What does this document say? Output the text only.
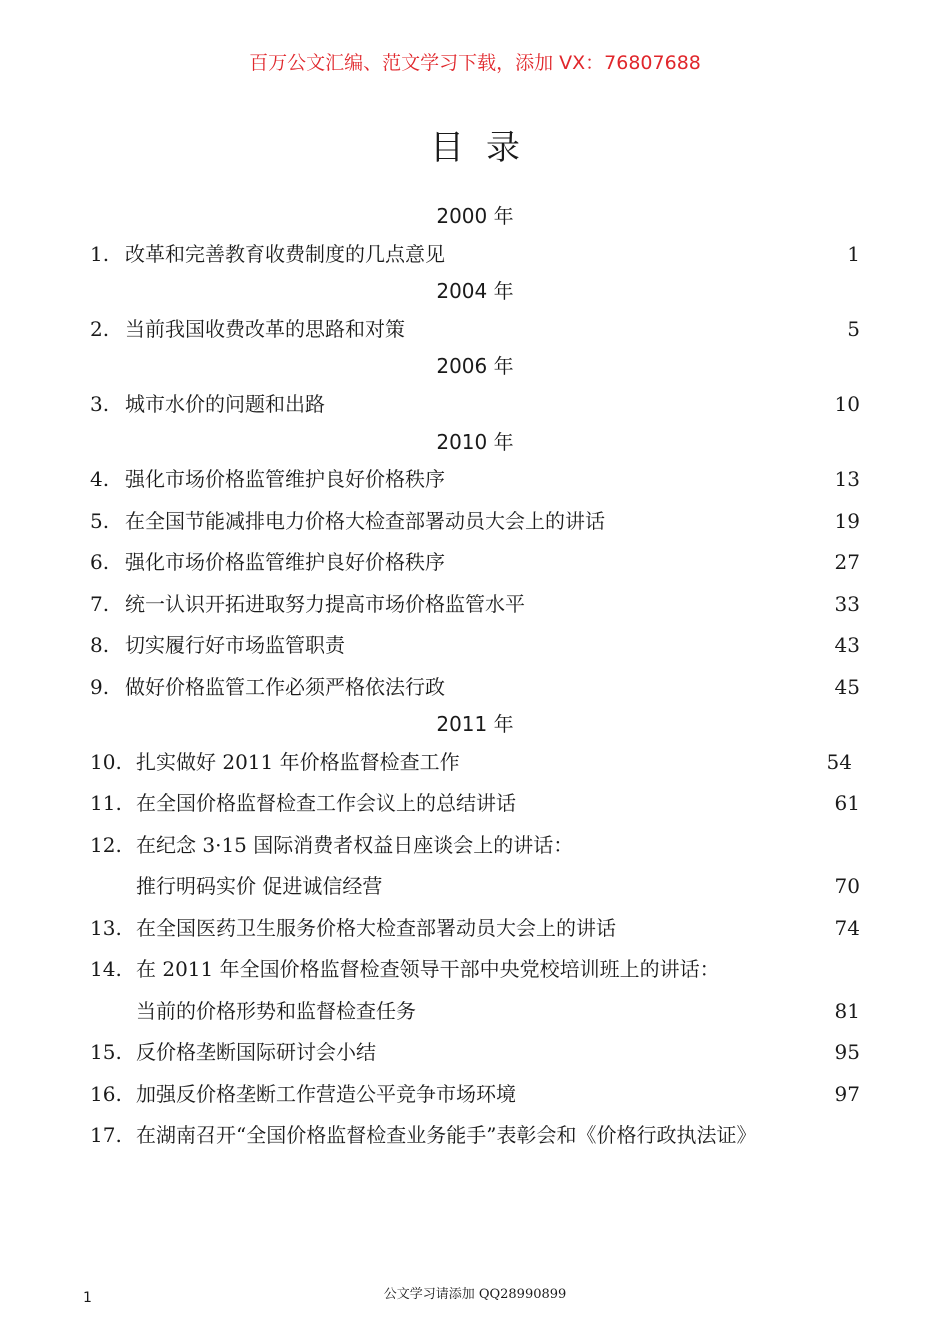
百万公文汇编、范文学习下载，添加 VX：76807688
目录
2000 年
1. 改革和完善教育收费制度的几点意见	1
2004 年
2. 当前我国收费改革的思路和对策	5
2006 年
3. 城市水价的问题和出路	10
2010 年
4. 强化市场价格监管维护良好价格秩序	13
5. 在全国节能减排电力价格大检查部署动员大会上的讲话	19
6. 强化市场价格监管维护良好价格秩序	27
7. 统一认识开拓进取努力提高市场价格监管水平	33
8. 切实履行好市场监管职责	43
9. 做好价格监管工作必须严格依法行政	45
2011 年
10. 扎实做好 2011 年价格监督检查工作	54
11. 在全国价格监督检查工作会议上的总结讲话	61
12. 在纪念 3·15 国际消费者权益日座谈会上的讲话：
推行明码实价 促进诚信经营	70
13. 在全国医药卫生服务价格大检查部署动员大会上的讲话	74
14. 在 2011 年全国价格监督检查领导干部中央党校培训班上的讲话：
当前的价格形势和监督检查任务	81
15. 反价格垄断国际研讨会小结	95
16. 加强反价格垄断工作营造公平竞争市场环境	97
17. 在湖南召开“全国价格监督检查业务能手”表彰会和《价格行政执法证》
公文学习请添加 QQ28990899
1
